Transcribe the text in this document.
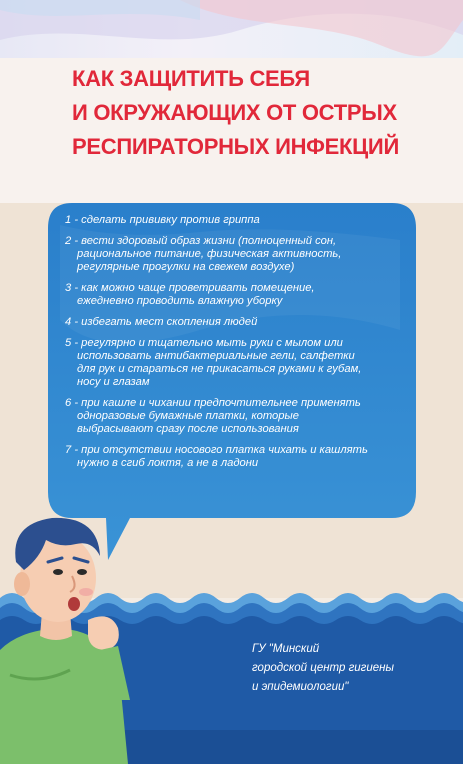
КАК ЗАЩИТИТЬ СЕБЯ
И ОКРУЖАЮЩИХ ОТ ОСТРЫХ
РЕСПИРАТОРНЫХ ИНФЕКЦИЙ
1 - сделать прививку против гриппа
2 - вести здоровый образ жизни (полноценный сон,
рациональное питание, физическая активность,
регулярные прогулки на свежем воздухе)
3 - как можно чаще проветривать помещение,
ежедневно проводить влажную уборку
4 - избегать мест скопления людей
5 - регулярно и тщательно мыть руки с мылом или
использовать антибактериальные гели, салфетки
для рук и стараться не прикасаться руками к губам,
носу и глазам
6 - при кашле и чихании предпочтительнее применять
одноразовые бумажные платки, которые
выбрасывают сразу после использования
7 - при отсутствии носового платка чихать и кашлять
нужно в сгиб локтя, а не в ладони

ГУ "Минский
городской центр гигиены
и эпидемиологии"
